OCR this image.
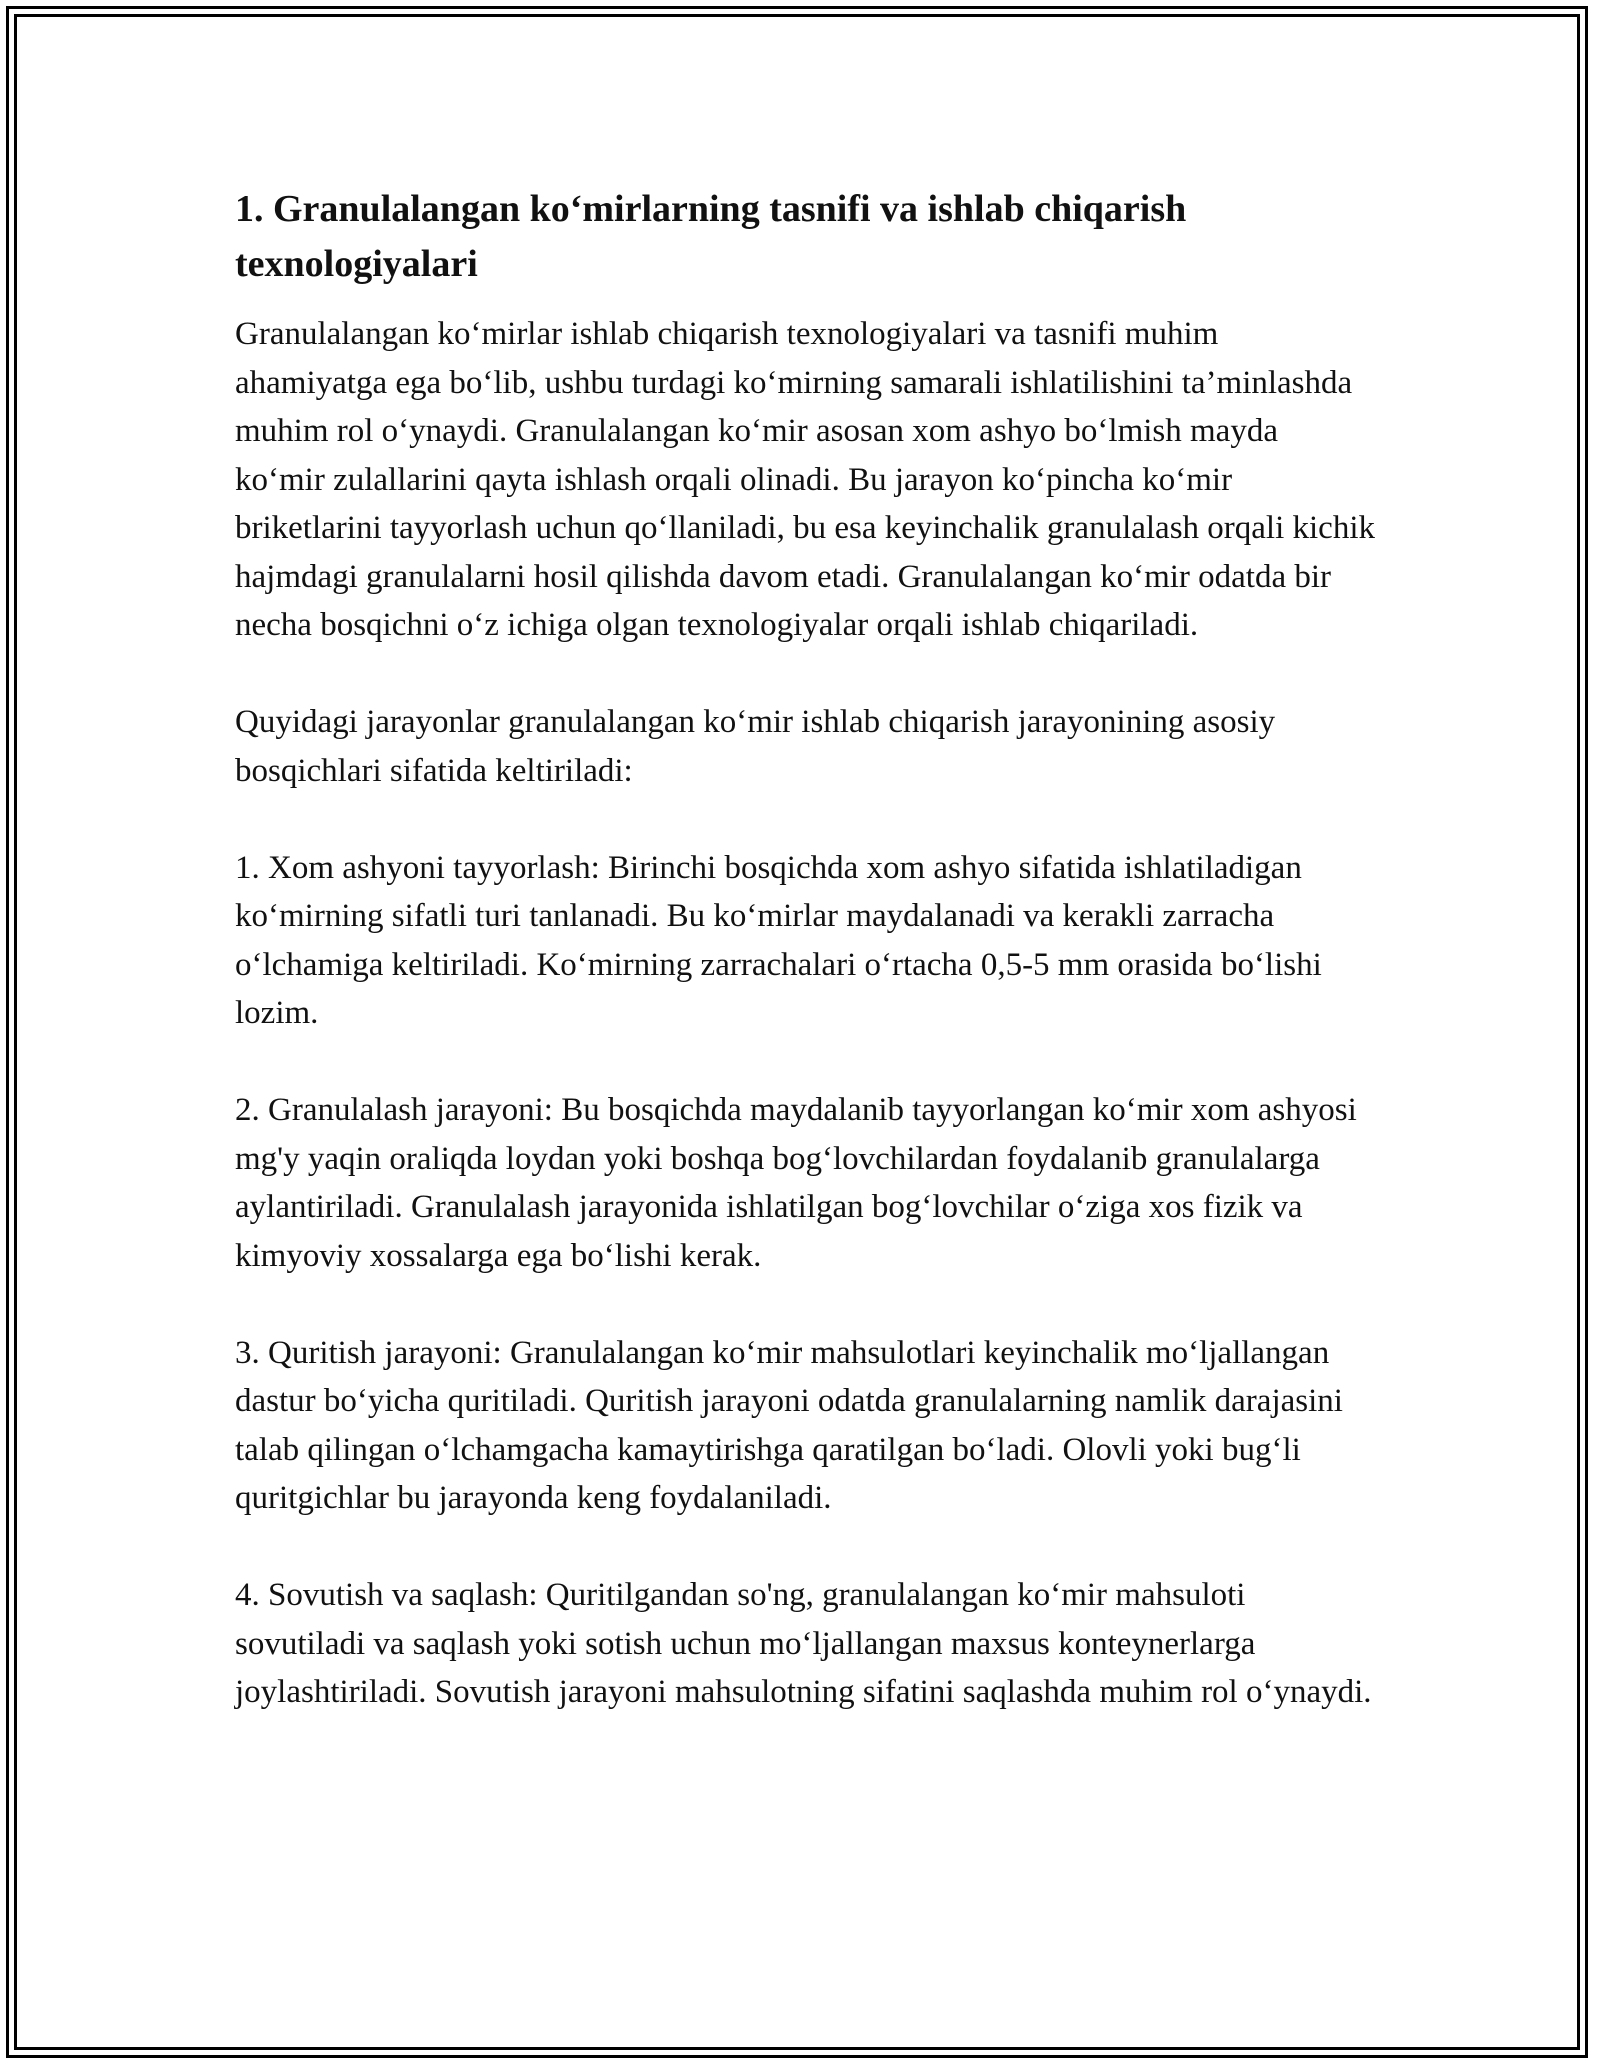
1. Granulalangan ko‘mirlarning tasnifi va ishlab chiqarish texnologiyalari

Granulalangan ko‘mirlar ishlab chiqarish texnologiyalari va tasnifi muhim ahamiyatga ega bo‘lib, ushbu turdagi ko‘mirning samarali ishlatilishini ta’minlashda muhim rol o‘ynaydi. Granulalangan ko‘mir asosan xom ashyo bo‘lmish mayda ko‘mir zulallarini qayta ishlash orqali olinadi. Bu jarayon ko‘pincha ko‘mir briketlarini tayyorlash uchun qo‘llaniladi, bu esa keyinchalik granulalash orqali kichik hajmdagi granulalarni hosil qilishda davom etadi. Granulalangan ko‘mir odatda bir necha bosqichni o‘z ichiga olgan texnologiyalar orqali ishlab chiqariladi.

Quyidagi jarayonlar granulalangan ko‘mir ishlab chiqarish jarayonining asosiy bosqichlari sifatida keltiriladi:

1. Xom ashyoni tayyorlash: Birinchi bosqichda xom ashyo sifatida ishlatiladigan ko‘mirning sifatli turi tanlanadi. Bu ko‘mirlar maydalanadi va kerakli zarracha o‘lchamiga keltiriladi. Ko‘mirning zarrachalari o‘rtacha 0,5-5 mm orasida bo‘lishi lozim.

2. Granulalash jarayoni: Bu bosqichda maydalanib tayyorlangan ko‘mir xom ashyosi mg'y yaqin oraliqda loydan yoki boshqa bog‘lovchilardan foydalanib granulalarga aylantiriladi. Granulalash jarayonida ishlatilgan bog‘lovchilar o‘ziga xos fizik va kimyoviy xossalarga ega bo‘lishi kerak.

3. Quritish jarayoni: Granulalangan ko‘mir mahsulotlari keyinchalik mo‘ljallangan dastur bo‘yicha quritiladi. Quritish jarayoni odatda granulalarning namlik darajasini talab qilingan o‘lchamgacha kamaytirishga qaratilgan bo‘ladi. Olovli yoki bug‘li quritgichlar bu jarayonda keng foydalaniladi.

4. Sovutish va saqlash: Quritilgandan so'ng, granulalangan ko‘mir mahsuloti sovutiladi va saqlash yoki sotish uchun mo‘ljallangan maxsus konteynerlarga joylashtiriladi. Sovutish jarayoni mahsulotning sifatini saqlashda muhim rol o‘ynaydi.
